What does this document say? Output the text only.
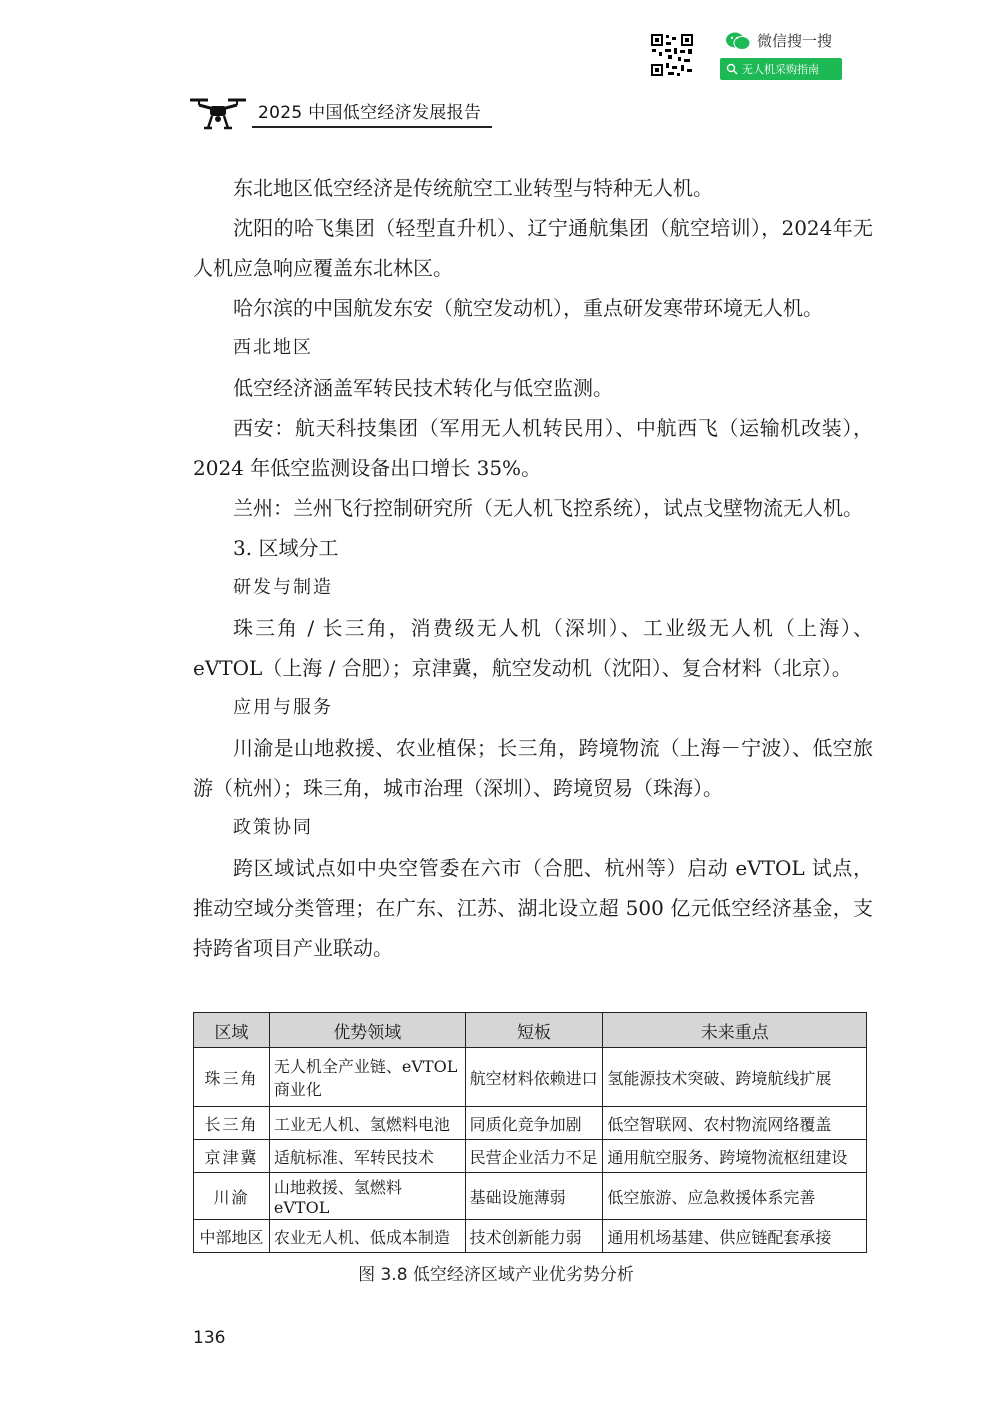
微信搜一搜
无人机采购指南
2025 中国低空经济发展报告

东北地区低空经济是传统航空工业转型与特种无人机。

沈阳的哈飞集团（轻型直升机）、辽宁通航集团（航空培训），2024年无人机应急响应覆盖东北林区。

哈尔滨的中国航发东安（航空发动机），重点研发寒带环境无人机。

西北地区

低空经济涵盖军转民技术转化与低空监测。

西安：航天科技集团（军用无人机转民用）、中航西飞（运输机改装），2024 年低空监测设备出口增长 35%。

兰州：兰州飞行控制研究所（无人机飞控系统），试点戈壁物流无人机。

3. 区域分工

研发与制造

珠三角 / 长三角，消费级无人机（深圳）、工业级无人机（上海）、eVTOL（上海 / 合肥）；京津冀，航空发动机（沈阳）、复合材料（北京）。

应用与服务

川渝是山地救援、农业植保；长三角，跨境物流（上海－宁波）、低空旅游（杭州）；珠三角，城市治理（深圳）、跨境贸易（珠海）。

政策协同

跨区域试点如中央空管委在六市（合肥、杭州等）启动 eVTOL 试点，推动空域分类管理；在广东、江苏、湖北设立超 500 亿元低空经济基金，支持跨省项目产业联动。

区域	优势领域	短板	未来重点
珠三角	无人机全产业链、eVTOL 商业化	航空材料依赖进口	氢能源技术突破、跨境航线扩展
长三角	工业无人机、氢燃料电池	同质化竞争加剧	低空智联网、农村物流网络覆盖
京津冀	适航标准、军转民技术	民营企业活力不足	通用航空服务、跨境物流枢纽建设
川渝	山地救援、氢燃料 eVTOL	基础设施薄弱	低空旅游、应急救援体系完善
中部地区	农业无人机、低成本制造	技术创新能力弱	通用机场基建、供应链配套承接
图 3.8 低空经济区域产业优劣势分析
136
